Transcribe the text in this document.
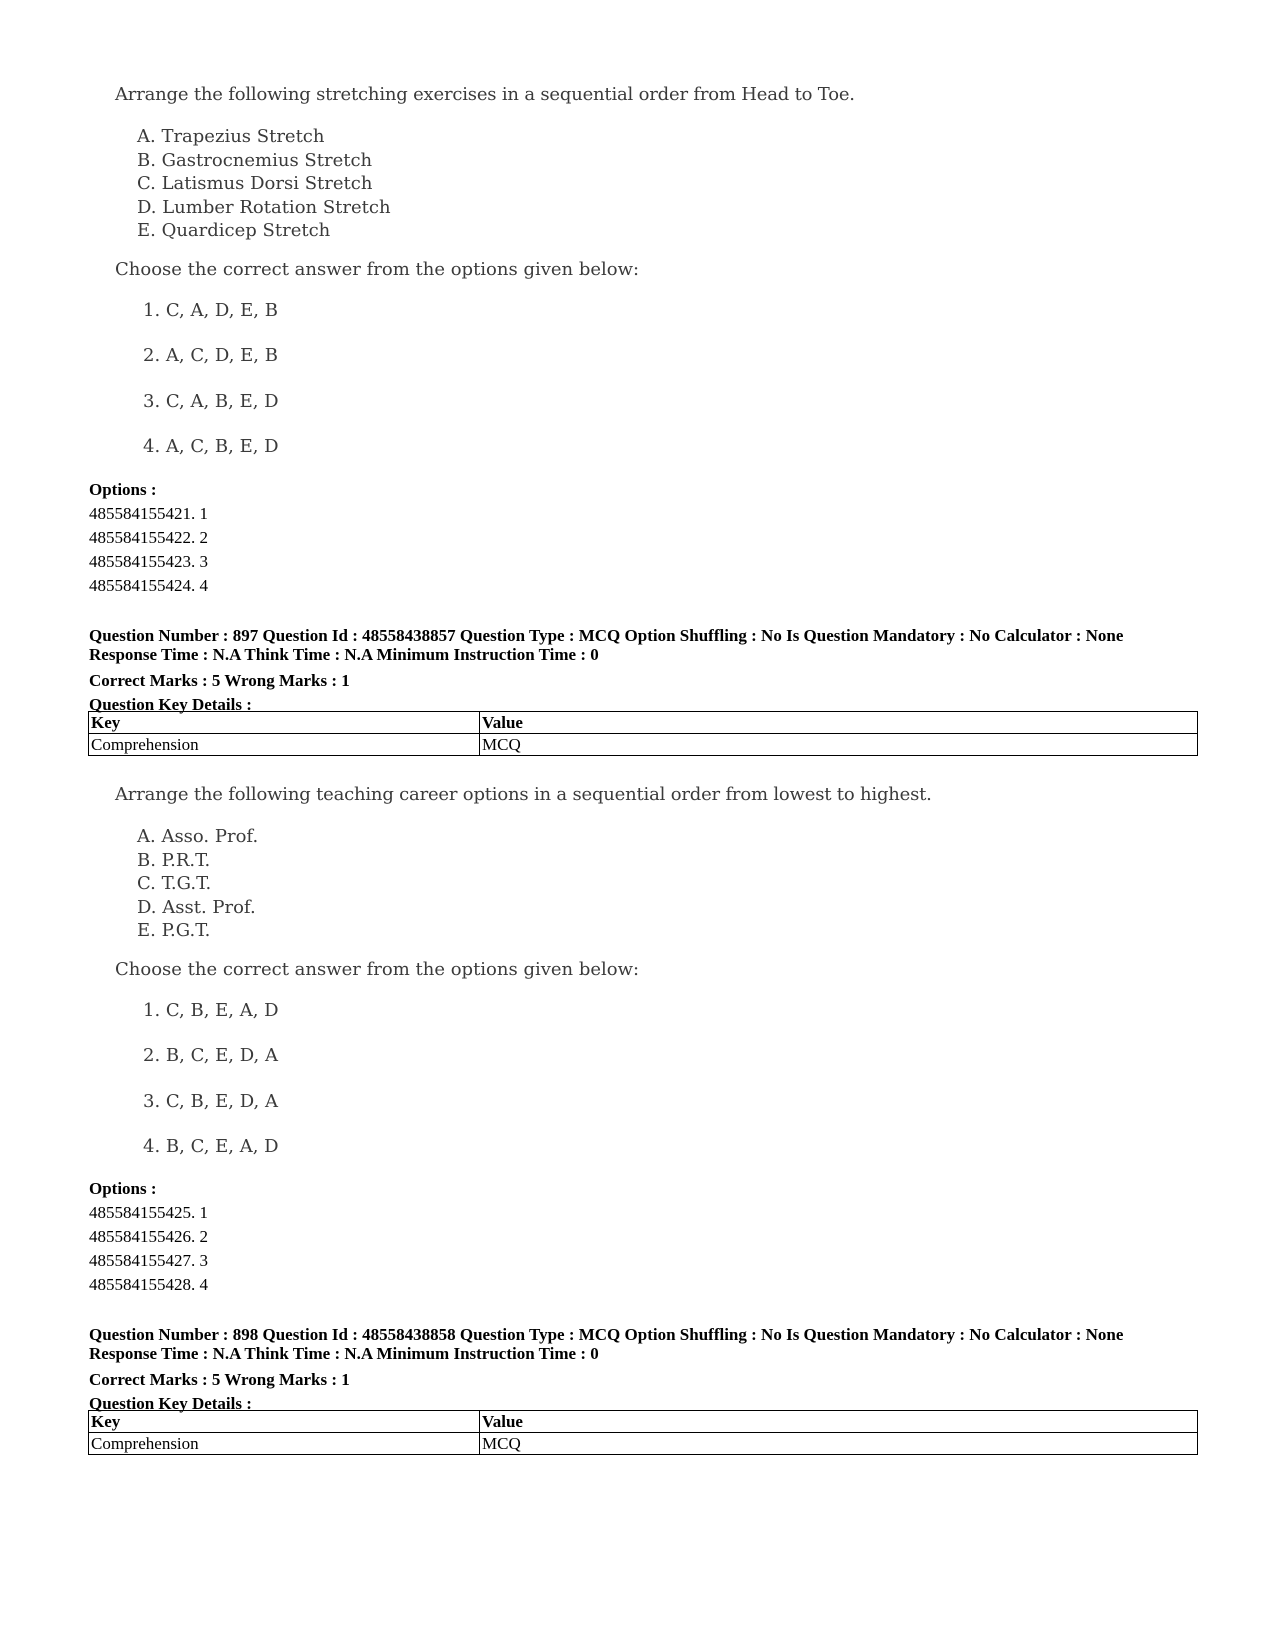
Arrange the following stretching exercises in a sequential order from Head to Toe.
A. Trapezius Stretch
B. Gastrocnemius Stretch
C. Latismus Dorsi Stretch
D. Lumber Rotation Stretch
E. Quardicep Stretch
Choose the correct answer from the options given below:
1. C, A, D, E, B
2. A, C, D, E, B
3. C, A, B, E, D
4. A, C, B, E, D
Options :
485584155421. 1
485584155422. 2
485584155423. 3
485584155424. 4
Question Number : 897 Question Id : 48558438857 Question Type : MCQ Option Shuffling : No Is Question Mandatory : No Calculator : None
Response Time : N.A Think Time : N.A Minimum Instruction Time : 0
Correct Marks : 5 Wrong Marks : 1
Question Key Details :
Key	Value
Comprehension	MCQ
Arrange the following teaching career options in a sequential order from lowest to highest.
A. Asso. Prof.
B. P.R.T.
C. T.G.T.
D. Asst. Prof.
E. P.G.T.
Choose the correct answer from the options given below:
1. C, B, E, A, D
2. B, C, E, D, A
3. C, B, E, D, A
4. B, C, E, A, D
Options :
485584155425. 1
485584155426. 2
485584155427. 3
485584155428. 4
Question Number : 898 Question Id : 48558438858 Question Type : MCQ Option Shuffling : No Is Question Mandatory : No Calculator : None
Response Time : N.A Think Time : N.A Minimum Instruction Time : 0
Correct Marks : 5 Wrong Marks : 1
Question Key Details :
Key	Value
Comprehension	MCQ
